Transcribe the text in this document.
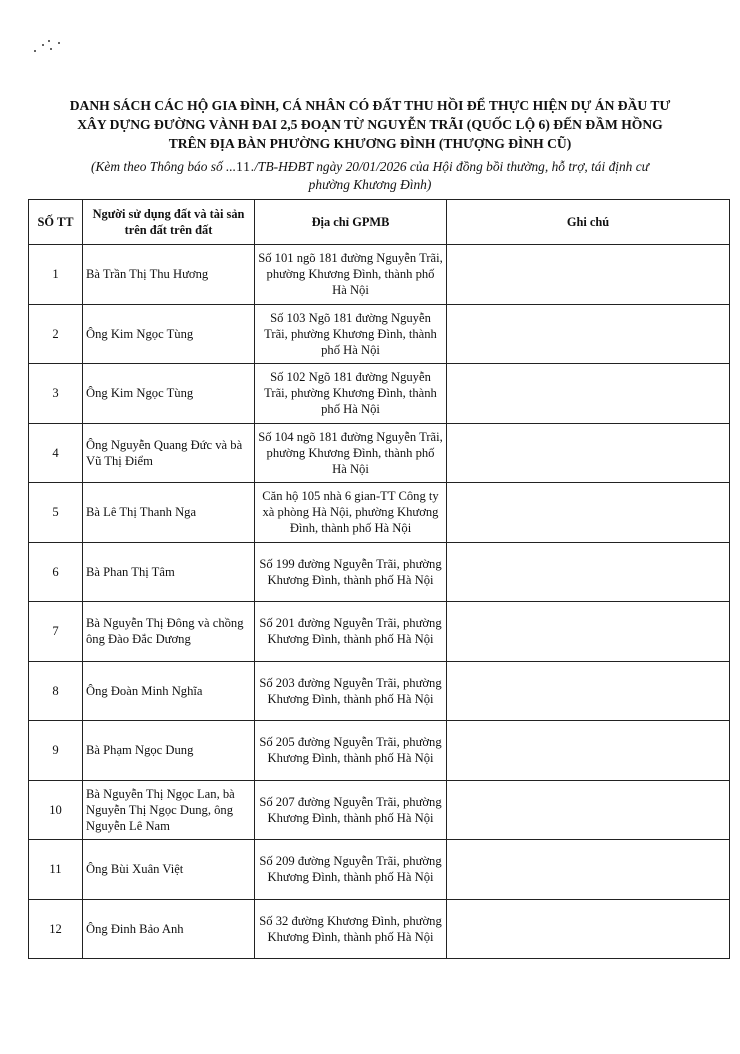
DANH SÁCH CÁC HỘ GIA ĐÌNH, CÁ NHÂN CÓ ĐẤT THU HỒI ĐỂ THỰC HIỆN DỰ ÁN ĐẦU TƯ
XÂY DỰNG ĐƯỜNG VÀNH ĐAI 2,5 ĐOẠN TỪ NGUYỄN TRÃI (QUỐC LỘ 6) ĐẾN ĐẦM HỒNG
TRÊN ĐỊA BÀN PHƯỜNG KHƯƠNG ĐÌNH (THƯỢNG ĐÌNH CŨ)
(Kèm theo Thông báo số ...11./TB-HĐBT ngày 20/01/2026 của Hội đồng bồi thường, hỗ trợ, tái định cư
phường Khương Đình)
SỐ TT	Người sử dụng đất và tài sản trên đất trên đất	Địa chỉ GPMB	Ghi chú
1	Bà Trần Thị Thu Hương	Số 101 ngõ 181 đường Nguyễn Trãi, phường Khương Đình, thành phố Hà Nội	
2	Ông Kim Ngọc Tùng	Số 103 Ngõ 181 đường Nguyễn Trãi, phường Khương Đình, thành phố Hà Nội	
3	Ông Kim Ngọc Tùng	Số 102 Ngõ 181 đường Nguyễn Trãi, phường Khương Đình, thành phố Hà Nội	
4	Ông Nguyễn Quang Đức và bà Vũ Thị Điểm	Số 104 ngõ 181 đường Nguyễn Trãi, phường Khương Đình, thành phố Hà Nội	
5	Bà Lê Thị Thanh Nga	Căn hộ 105 nhà 6 gian-TT Công ty xà phòng Hà Nội, phường Khương Đình, thành phố Hà Nội	
6	Bà Phan Thị Tâm	Số 199 đường Nguyễn Trãi, phường Khương Đình, thành phố Hà Nội	
7	Bà Nguyễn Thị Đông và chồng ông Đào Đắc Dương	Số 201 đường Nguyễn Trãi, phường Khương Đình, thành phố Hà Nội	
8	Ông Đoàn Minh Nghĩa	Số 203 đường Nguyễn Trãi, phường Khương Đình, thành phố Hà Nội	
9	Bà Phạm Ngọc Dung	Số 205 đường Nguyễn Trãi, phường Khương Đình, thành phố Hà Nội	
10	Bà Nguyễn Thị Ngọc Lan, bà Nguyễn Thị Ngọc Dung, ông Nguyễn Lê Nam	Số 207 đường Nguyễn Trãi, phường Khương Đình, thành phố Hà Nội	
11	Ông Bùi Xuân Việt	Số 209 đường Nguyễn Trãi, phường Khương Đình, thành phố Hà Nội	
12	Ông Đinh Bảo Anh	Số 32 đường Khương Đình, phường Khương Đình, thành phố Hà Nội	
